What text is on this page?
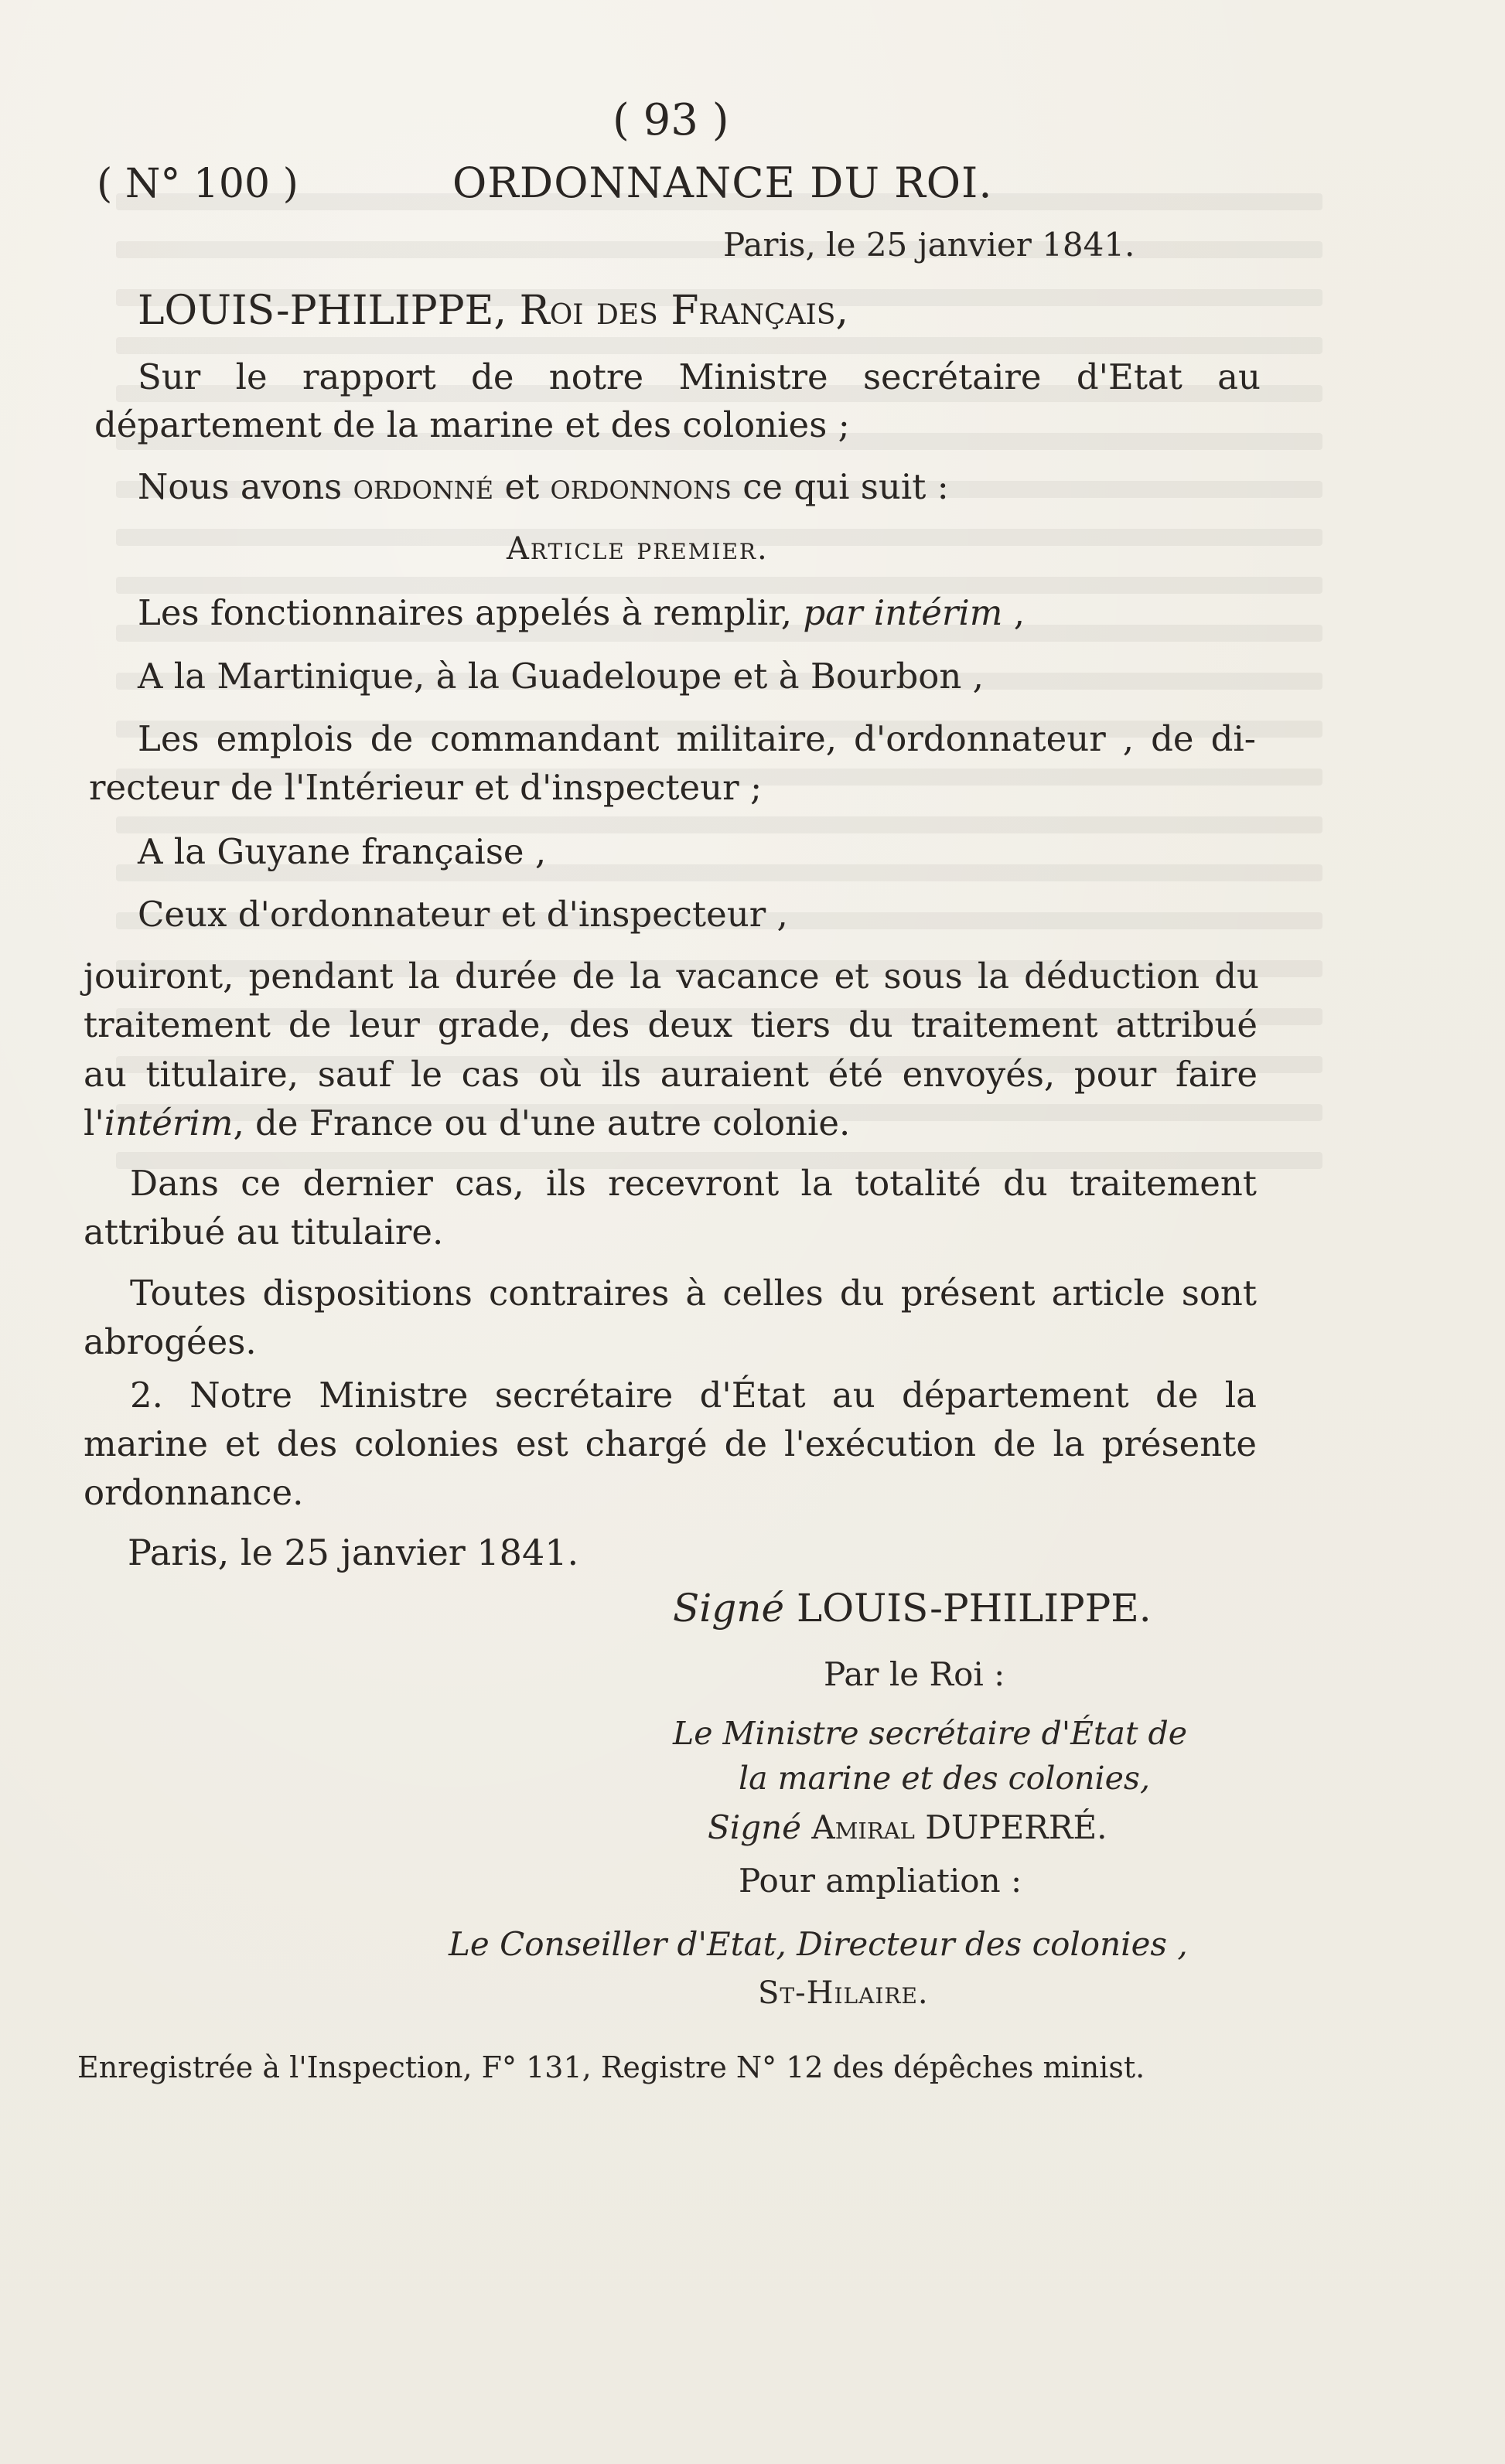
( 93 )
( N° 100 )	ORDONNANCE DU ROI.
Paris, le 25 janvier 1841.
LOUIS-PHILIPPE, Roi des Français,
Sur le rapport de notre Ministre secrétaire d'Etat au
département de la marine et des colonies ;
Nous avons ordonné et ordonnons ce qui suit :
Article premier.
Les fonctionnaires appelés à remplir, par intérim ,
A la Martinique, à la Guadeloupe et à Bourbon ,
Les emplois de commandant militaire, d'ordonnateur , de di-
recteur de l'Intérieur et d'inspecteur ;
A la Guyane française ,
Ceux d'ordonnateur et d'inspecteur ,
jouiront, pendant la durée de la vacance et sous la déduction du
traitement de leur grade, des deux tiers du traitement attribué
au titulaire, sauf le cas où ils auraient été envoyés, pour faire
l'intérim, de France ou d'une autre colonie.
Dans ce dernier cas, ils recevront la totalité du traitement
attribué au titulaire.
Toutes dispositions contraires à celles du présent article sont
abrogées.
2. Notre Ministre secrétaire d'État au département de la
marine et des colonies est chargé de l'exécution de la présente
ordonnance.
Paris, le 25 janvier 1841.
Signé LOUIS-PHILIPPE.
Par le Roi :
Le Ministre secrétaire d'État de
la marine et des colonies,
Signé Amiral DUPERRÉ.
Pour ampliation :
Le Conseiller d'Etat, Directeur des colonies ,
St-Hilaire.
Enregistrée à l'Inspection, F° 131, Registre N° 12 des dépêches minist.
